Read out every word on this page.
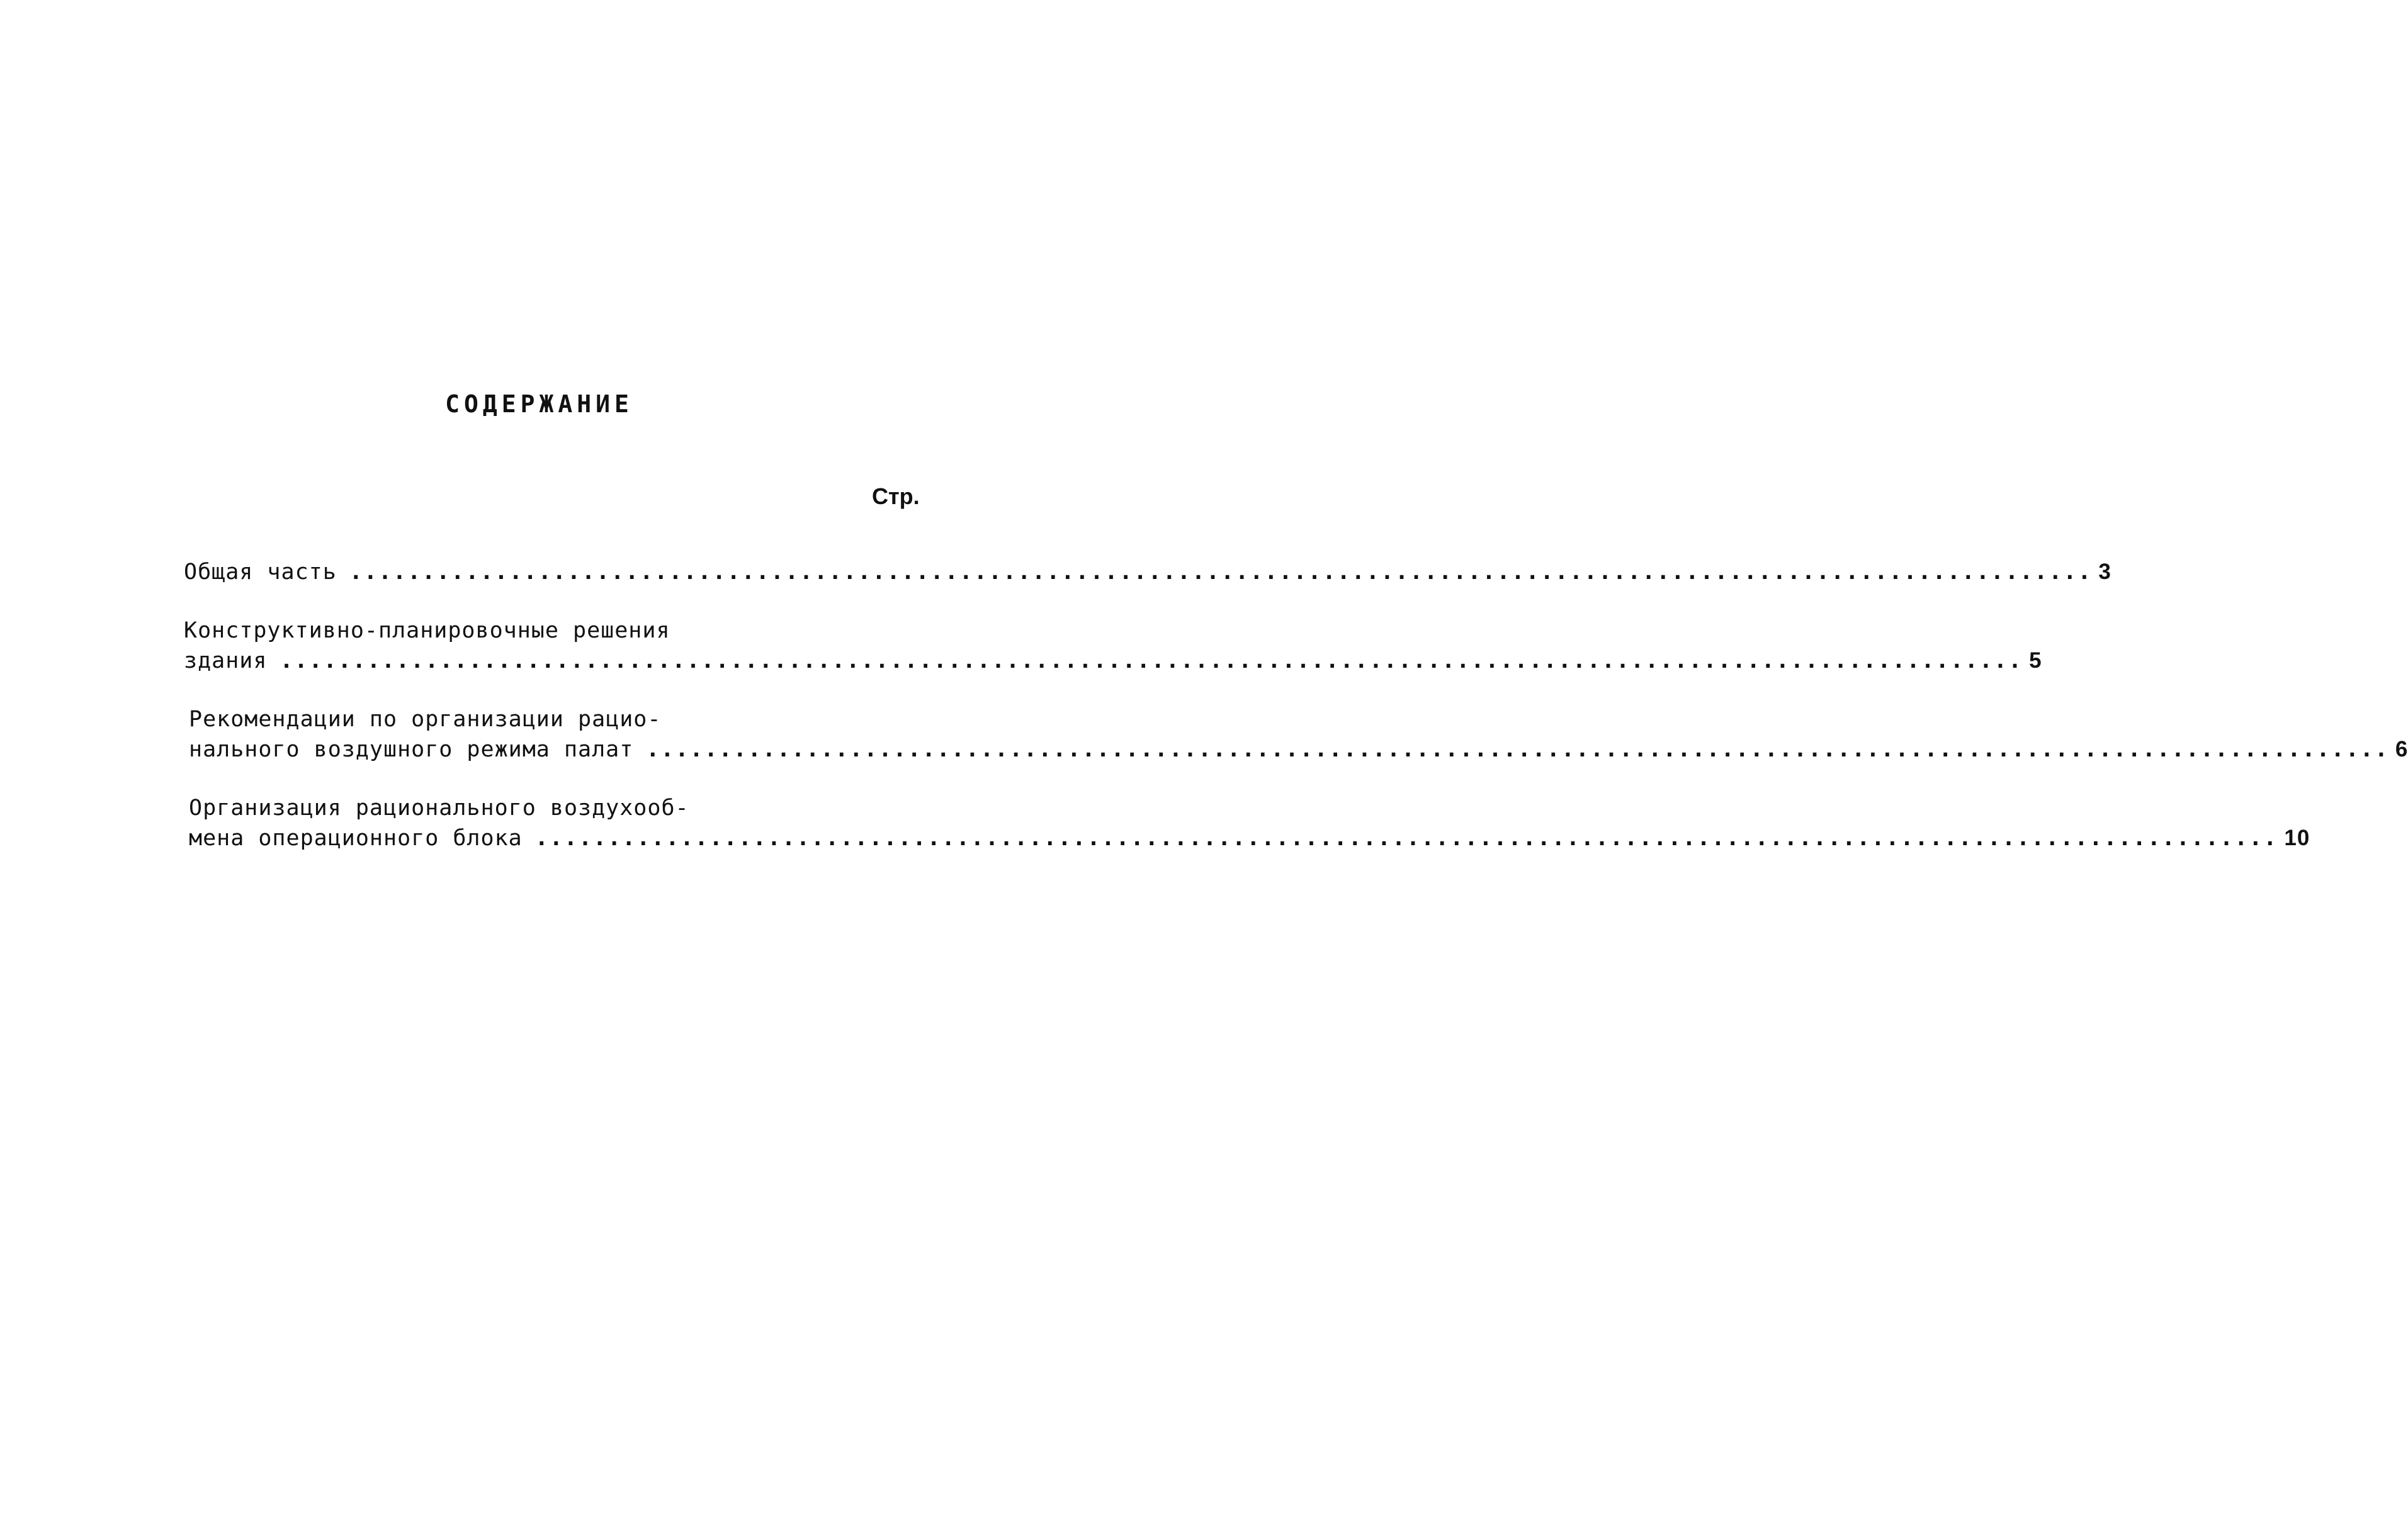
СОДЕРЖАНИЕ
Стр.
Общая часть ........................................................................................................................ 3
Конструктивно-планировочные решения
здания ........................................................................................................................ 5
Рекомендации по организации рацио-
нального воздушного режима палат ........................................................................................................................ 6
Организация рационального воздухооб-
мена операционного блока ........................................................................................................................ 10
